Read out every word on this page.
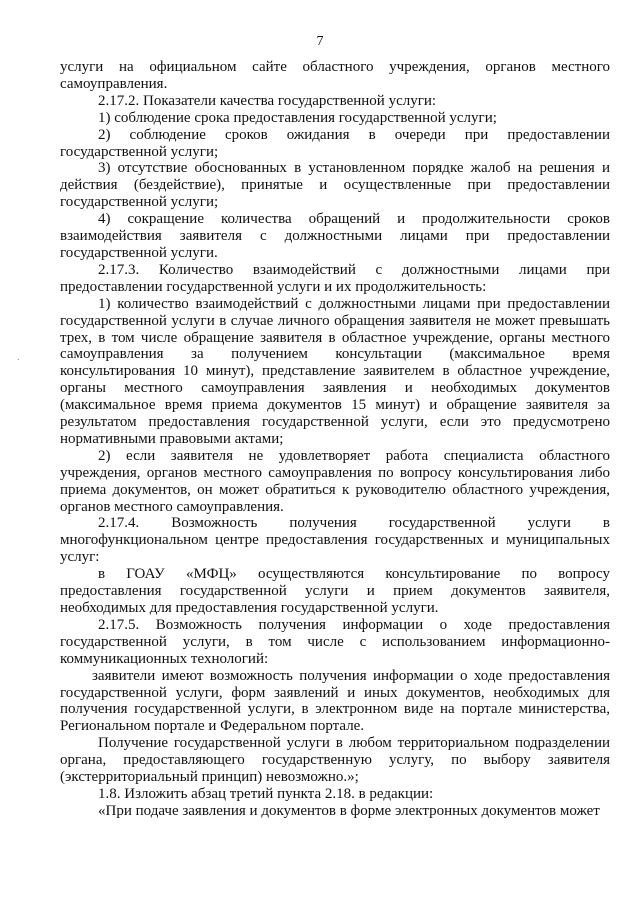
7
.

услуги на официальном сайте областного учреждения, органов местного самоуправления.

2.17.2. Показатели качества государственной услуги:

1) соблюдение срока предоставления государственной услуги;

2) соблюдение сроков ожидания в очереди при предоставлении государственной услуги;

3) отсутствие обоснованных в установленном порядке жалоб на решения и действия (бездействие), принятые и осуществленные при предоставлении государственной услуги;

4) сокращение количества обращений и продолжительности сроков взаимодействия заявителя с должностными лицами при предоставлении государственной услуги.

2.17.3. Количество взаимодействий с должностными лицами при предоставлении государственной услуги и их продолжительность:

1) количество взаимодействий с должностными лицами при предоставлении государственной услуги в случае личного обращения заявителя не может превышать трех, в том числе обращение заявителя в областное учреждение, органы местного самоуправления за получением консультации (максимальное время консультирования 10 минут), представление заявителем в областное учреждение, органы местного самоуправления заявления и необходимых документов (максимальное время приема документов 15 минут) и обращение заявителя за результатом предоставления государственной услуги, если это предусмотрено нормативными правовыми актами;

2) если заявителя не удовлетворяет работа специалиста областного учреждения, органов местного самоуправления по вопросу консультирования либо приема документов, он может обратиться к руководителю областного учреждения, органов местного самоуправления.

2.17.4. Возможность получения государственной услуги в многофункциональном центре предоставления государственных и муниципальных услуг:

в ГОАУ «МФЦ» осуществляются консультирование по вопросу предоставления государственной услуги и прием документов заявителя, необходимых для предоставления государственной услуги.

2.17.5. Возможность получения информации о ходе предоставления государственной услуги, в том числе с использованием информационно-коммуникационных технологий:

заявители имеют возможность получения информации о ходе предоставления государственной услуги, форм заявлений и иных документов, необходимых для получения государственной услуги, в электронном виде на портале министерства, Региональном портале и Федеральном портале.

Получение государственной услуги в любом территориальном подразделении органа, предоставляющего государственную услугу, по выбору заявителя (экстерриториальный принцип) невозможно.»;

1.8. Изложить абзац третий пункта 2.18. в редакции:

«При подаче заявления и документов в форме электронных документов может
